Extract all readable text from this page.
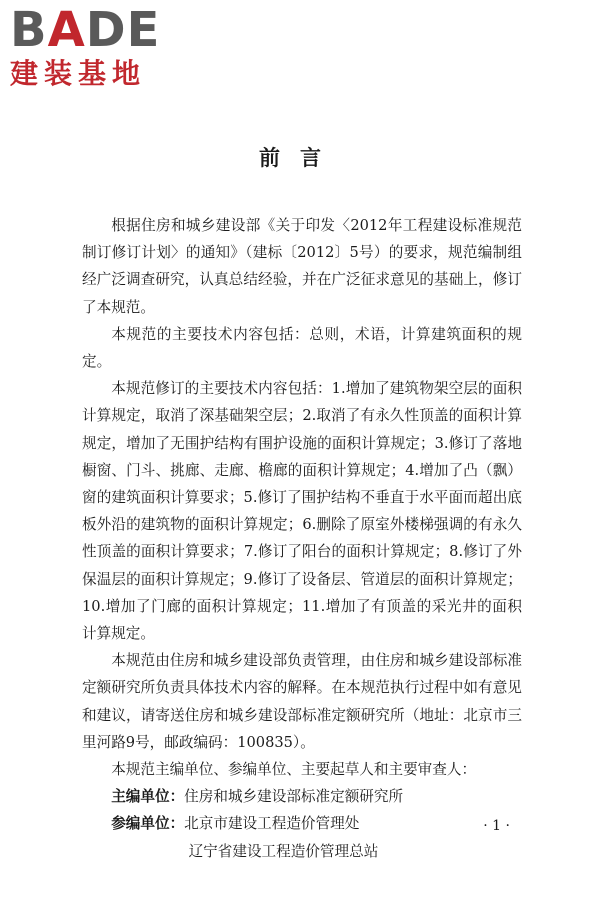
BADE
建装基地
前言

根据住房和城乡建设部《关于印发〈2012年工程建设标准规范制订修订计划〉的通知》（建标〔2012〕5号）的要求，规范编制组经广泛调查研究，认真总结经验，并在广泛征求意见的基础上，修订了本规范。

本规范的主要技术内容包括：总则，术语，计算建筑面积的规定。

本规范修订的主要技术内容包括：1.增加了建筑物架空层的面积计算规定，取消了深基础架空层；2.取消了有永久性顶盖的面积计算规定，增加了无围护结构有围护设施的面积计算规定；3.修订了落地橱窗、门斗、挑廊、走廊、檐廊的面积计算规定；4.增加了凸（飘）窗的建筑面积计算要求；5.修订了围护结构不垂直于水平面而超出底板外沿的建筑物的面积计算规定；6.删除了原室外楼梯强调的有永久性顶盖的面积计算要求；7.修订了阳台的面积计算规定；8.修订了外保温层的面积计算规定；9.修订了设备层、管道层的面积计算规定；10.增加了门廊的面积计算规定；11.增加了有顶盖的采光井的面积计算规定。

本规范由住房和城乡建设部负责管理，由住房和城乡建设部标准定额研究所负责具体技术内容的解释。在本规范执行过程中如有意见和建议，请寄送住房和城乡建设部标准定额研究所（地址：北京市三里河路9号，邮政编码：100835）。

本规范主编单位、参编单位、主要起草人和主要审查人：

主编单位：住房和城乡建设部标准定额研究所
参编单位：北京市建设工程造价管理处
辽宁省建设工程造价管理总站
· 1 ·
